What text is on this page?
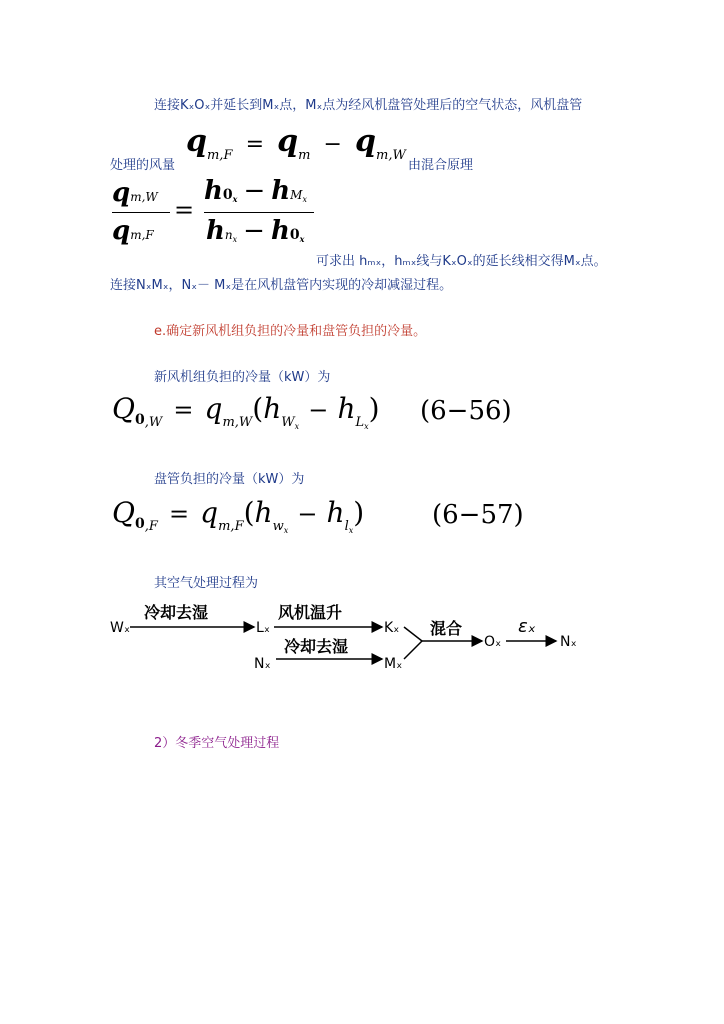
连接KₓOₓ并延长到Mₓ点，Mₓ点为经风机盘管处理后的空气状态，风机盘管
处理的风量
$q_{m,F} = q_m - q_{m,W}$
由混合原理
qm,W
qm,F
=
$h0x - hM_x$
$hn_x - h0x$
可求出 hₘₓ，hₘₓ线与KₓOₓ的延长线相交得Mₓ点。
连接NₓMₓ，Nₓ－ Mₓ是在风机盘管内实现的冷却减湿过程。
e.确定新风机组负担的冷量和盘管负担的冷量。
新风机组负担的冷量（kW）为
$Q0_{,W} = q_{m,W}(h_{W_x} - h_{L_x})$ (6−56)
盘管负担的冷量（kW）为
$Q0_{,F} = q_{m,F}(h_{w_x} - h_{l_x})$	(6−57)
其空气处理过程为
Wₓ
冷却去湿
Lₓ
风机温升
Kₓ
Nₓ
冷却去湿
Mₓ
混合
Oₓ
εₓ
Nₓ
2）冬季空气处理过程
